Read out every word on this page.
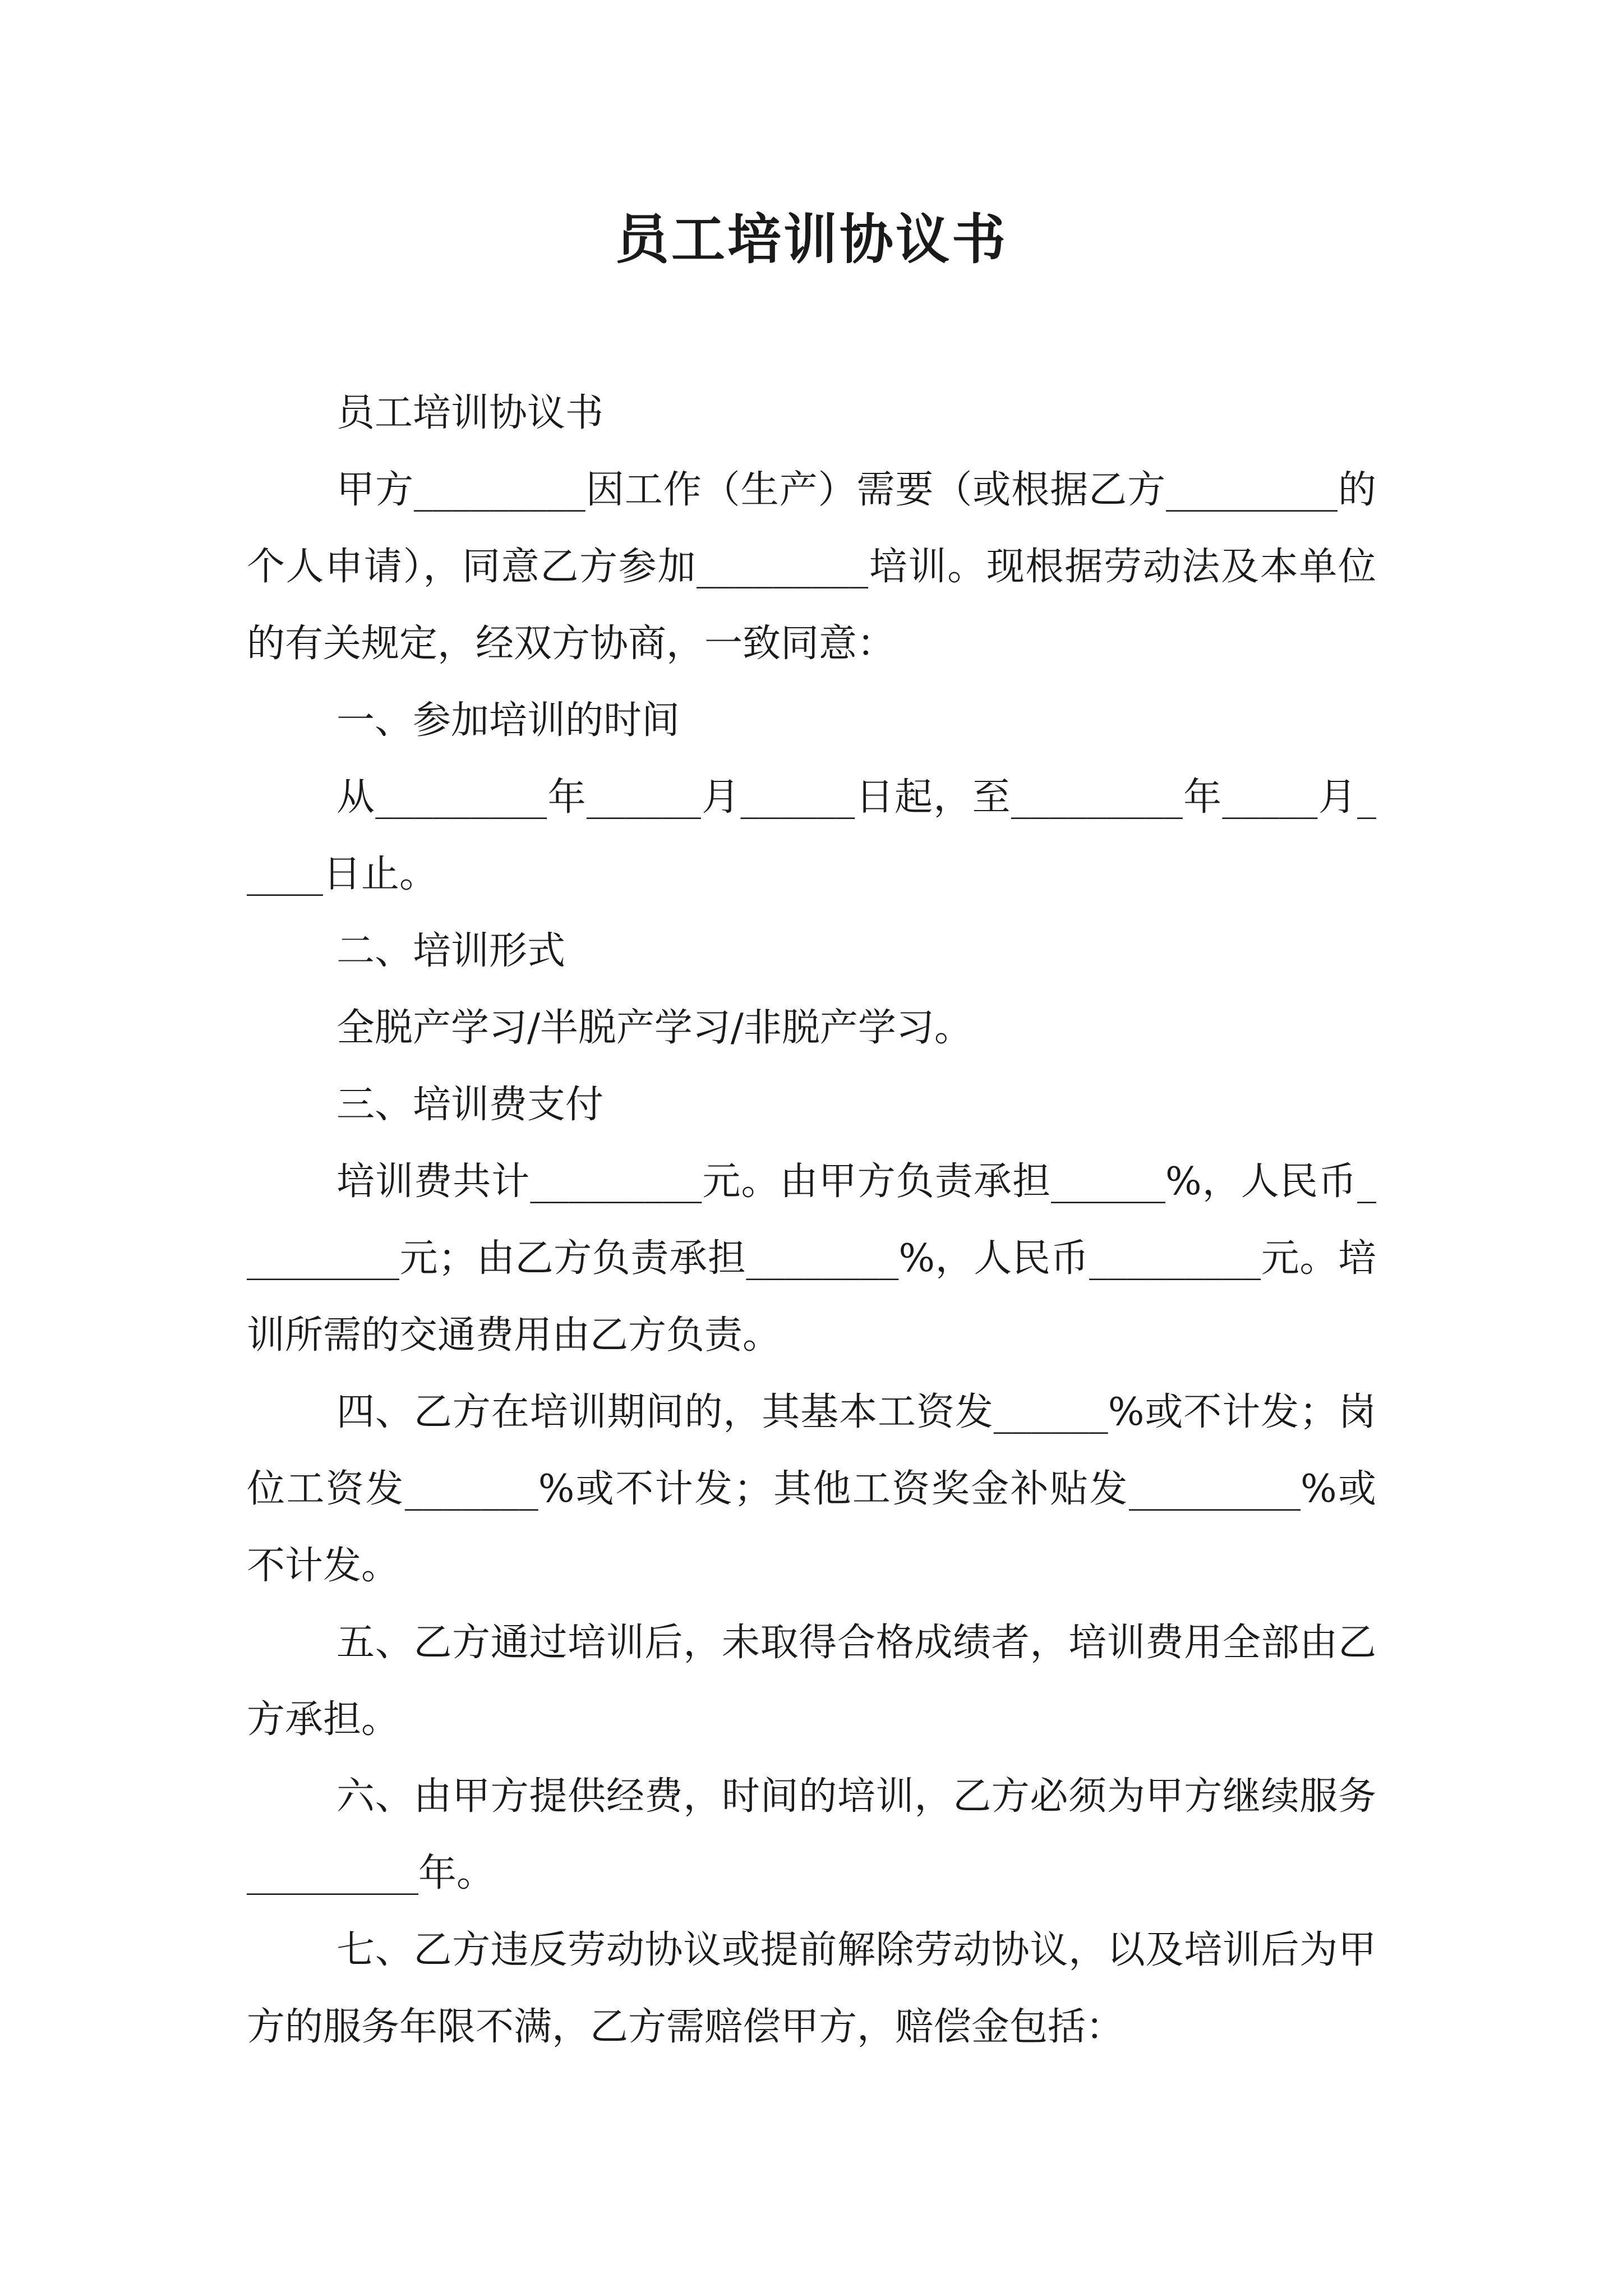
员工培训协议书

员工培训协议书

甲方_________因工作（生产）需要（或根据乙方_________的个人申请），同意乙方参加_________培训。现根据劳动法及本单位的有关规定，经双方协商，一致同意：

一、参加培训的时间

从_________年______月______日起，至_________年_____月_____日止。

二、培训形式

全脱产学习/半脱产学习/非脱产学习。

三、培训费支付

培训费共计_________元。由甲方负责承担______%，人民币_________元；由乙方负责承担________%，人民币_________元。培训所需的交通费用由乙方负责。

四、乙方在培训期间的，其基本工资发______%或不计发；岗位工资发_______%或不计发；其他工资奖金补贴发_________%或不计发。

五、乙方通过培训后，未取得合格成绩者，培训费用全部由乙方承担。

六、由甲方提供经费，时间的培训，乙方必须为甲方继续服务_________年。

七、乙方违反劳动协议或提前解除劳动协议，以及培训后为甲方的服务年限不满，乙方需赔偿甲方，赔偿金包括：
